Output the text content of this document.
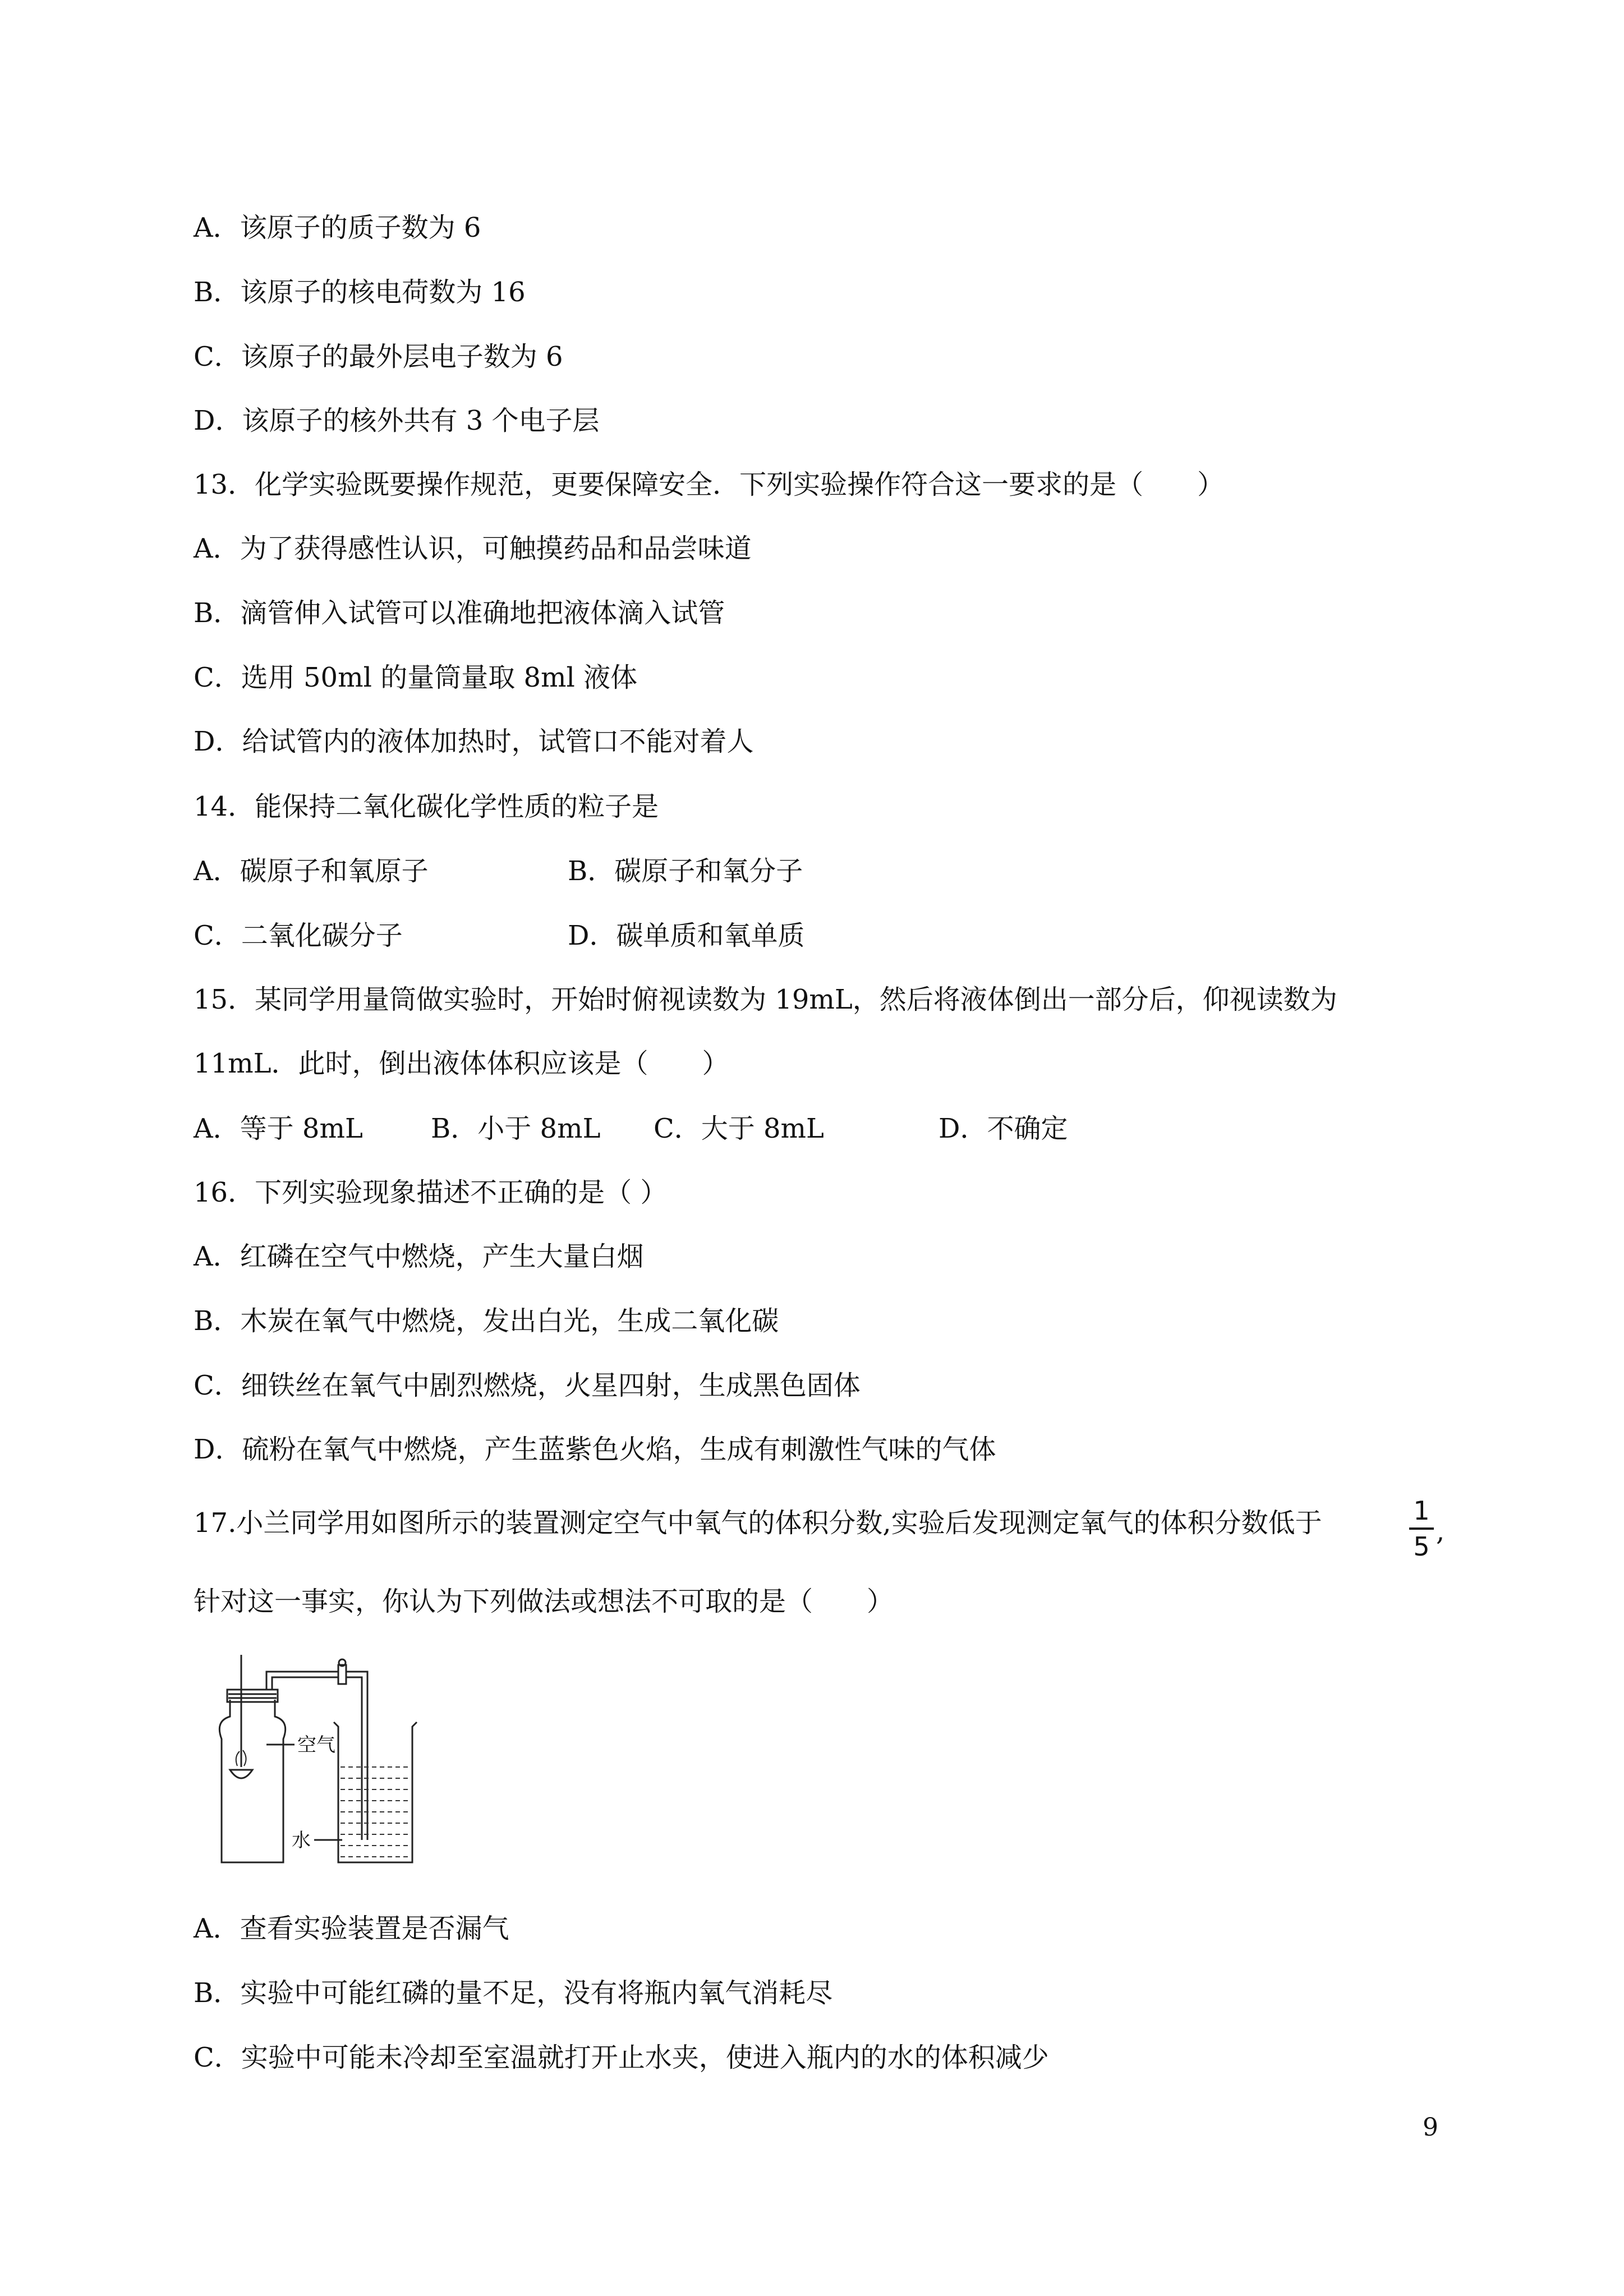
A．该原子的质子数为 6
B．该原子的核电荷数为 16
C．该原子的最外层电子数为 6
D．该原子的核外共有 3 个电子层
13．化学实验既要操作规范，更要保障安全．下列实验操作符合这一要求的是（　　）
A．为了获得感性认识，可触摸药品和品尝味道
B．滴管伸入试管可以准确地把液体滴入试管
C．选用 50ml 的量筒量取 8ml 液体
D．给试管内的液体加热时，试管口不能对着人
14．能保持二氧化碳化学性质的粒子是
A．碳原子和氧原子	B．碳原子和氧分子
C．二氧化碳分子	D．碳单质和氧单质
15．某同学用量筒做实验时，开始时俯视读数为 19mL，然后将液体倒出一部分后，仰视读数为
11mL．此时，倒出液体体积应该是（　　）
A．等于 8mL	B．小于 8mL C．大于 8mL	D．不确定
16．下列实验现象描述不正确的是（ ）
A．红磷在空气中燃烧，产生大量白烟
B．木炭在氧气中燃烧，发出白光，生成二氧化碳
C．细铁丝在氧气中剧烈燃烧，火星四射，生成黑色固体
D．硫粉在氧气中燃烧，产生蓝紫色火焰，生成有刺激性气味的气体
17.小兰同学用如图所示的装置测定空气中氧气的体积分数,实验后发现测定氧气的体积分数低于	1
5 ,
针对这一事实，你认为下列做法或想法不可取的是（　　）
空气
水
A．查看实验装置是否漏气
B．实验中可能红磷的量不足，没有将瓶内氧气消耗尽
C．实验中可能未冷却至室温就打开止水夹，使进入瓶内的水的体积减少
9
